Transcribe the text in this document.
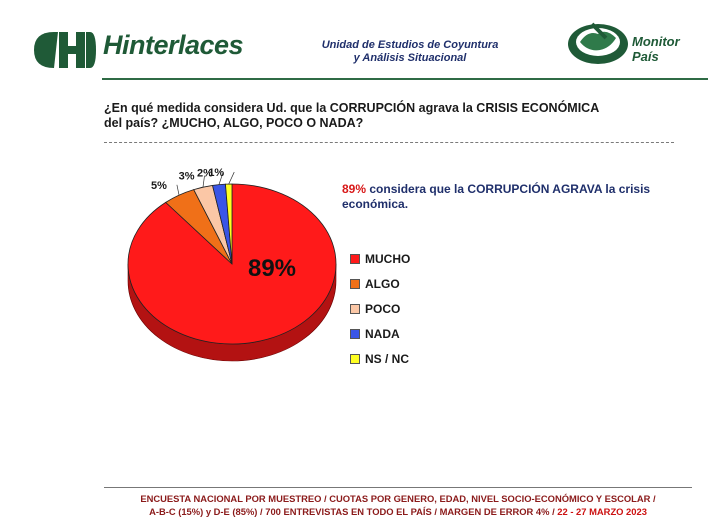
Hinterlaces	Unidad de Estudios de Coyuntura
y Análisis Situacional
Monitor
País
¿En qué medida considera Ud. que la CORRUPCIÓN agrava la CRISIS ECONÓMICA
del país? ¿MUCHO, ALGO, POCO O NADA?
89% considera que la CORRUPCIÓN AGRAVA la crisis
económica.
89%
5%
3% 2%
1%
MUCHO
ALGO
POCO
NADA
NS / NC
ENCUESTA NACIONAL POR MUESTREO / CUOTAS POR GENERO, EDAD, NIVEL SOCIO-ECONÓMICO Y ESCOLAR /
A-B-C (15%) y D-E (85%) / 700 ENTREVISTAS EN TODO EL PAÍS / MARGEN DE ERROR 4% / 22 - 27 MARZO 2023
